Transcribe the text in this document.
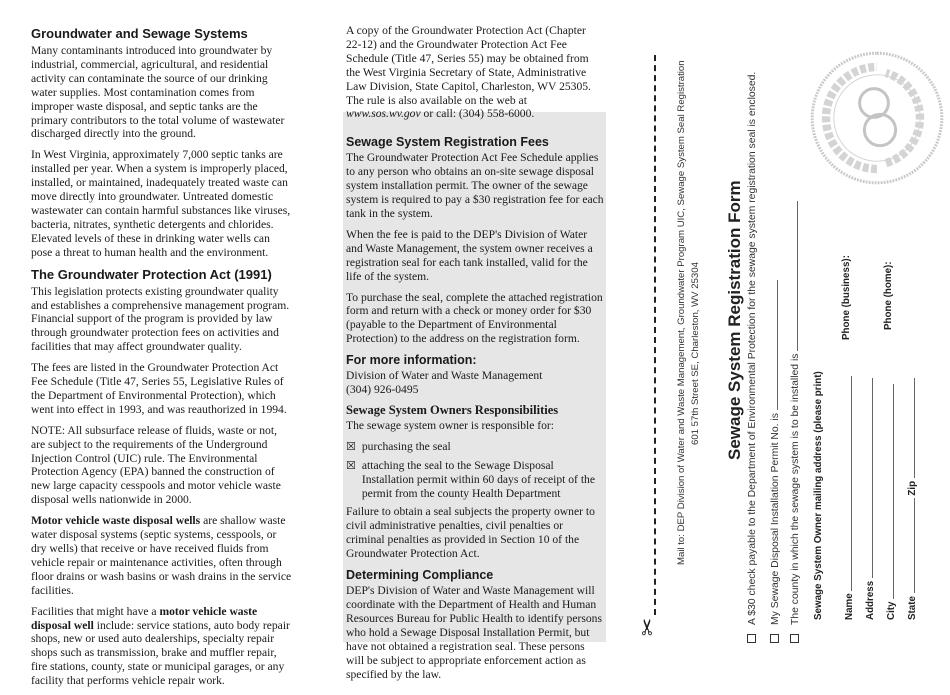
Groundwater and Sewage Systems

Many contaminants introduced into groundwater by industrial, commercial, agricultural, and residential activity can contaminate the source of our drinking water supplies. Most contamination comes from improper waste disposal, and septic tanks are the primary contributors to the total volume of wastewater discharged directly into the ground.

In West Virginia, approximately 7,000 septic tanks are installed per year. When a system is improperly placed, installed, or maintained, inadequately treated waste can move directly into groundwater. Untreated domestic wastewater can contain harmful substances like viruses, bacteria, nitrates, synthetic detergents and chlorides. Elevated levels of these in drinking water wells can pose a threat to human health and the environment.

The Groundwater Protection Act (1991)

This legislation protects existing groundwater quality and establishes a comprehensive management program. Financial support of the program is provided by law through groundwater protection fees on activities and facilities that may affect groundwater quality.

The fees are listed in the Groundwater Protection Act Fee Schedule (Title 47, Series 55, Legislative Rules of the Department of Environmental Protection), which went into effect in 1993, and was reauthorized in 1994.

NOTE: All subsurface release of fluids, waste or not, are subject to the requirements of the Underground Injection Control (UIC) rule. The Environmental Protection Agency (EPA) banned the construction of new large capacity cesspools and motor vehicle waste disposal wells nationwide in 2000.

Motor vehicle waste disposal wells are shallow waste water disposal systems (septic systems, cesspools, or dry wells) that receive or have received fluids from vehicle repair or maintenance activities, often through floor drains or wash basins or wash drains in the service facilities.

Facilities that might have a motor vehicle waste disposal well include: service stations, auto body repair shops, new or used auto dealerships, specialty repair shops such as transmission, brake and muffler repair, fire stations, county, state or municipal garages, or any facility that performs vehicle repair work.

A copy of the Groundwater Protection Act (Chapter 22-12) and the Groundwater Protection Act Fee Schedule (Title 47, Series 55) may be obtained from the West Virginia Secretary of State, Administrative Law Division, State Capitol, Charleston, WV 25305. The rule is also available on the web at www.sos.wv.gov or call: (304) 558-6000.

Sewage System Registration Fees

The Groundwater Protection Act Fee Schedule applies to any person who obtains an on-site sewage disposal system installation permit. The owner of the sewage system is required to pay a $30 registration fee for each tank in the system.

When the fee is paid to the DEP's Division of Water and Waste Management, the system owner receives a registration seal for each tank installed, valid for the life of the system.

To purchase the seal, complete the attached registration form and return with a check or money order for $30 (payable to the Department of Environmental Protection) to the address on the registration form.

For more information:
Division of Water and Waste Management
(304) 926-0495
Sewage System Owners Responsibilities

The sewage system owner is responsible for:

☒ purchasing the seal
☒ attaching the seal to the Sewage Disposal Installation permit within 60 days of receipt of the permit from the county Health Department

Failure to obtain a seal subjects the property owner to civil administrative penalties, civil penalties or criminal penalties as provided in Section 10 of the Groundwater Protection Act.

Determining Compliance

DEP's Division of Water and Waste Management will coordinate with the Department of Health and Human Resources Bureau for Public Health to identify persons who hold a Sewage Disposal Installation Permit, but have not obtained a registration seal. These persons will be subject to appropriate enforcement action as specified by the law.

✂
Mail to: DEP Division of Water and Waste Management, Groundwater Program UIC, Sewage System Seal Registration 601 57th Street SE, Charleston, WV 25304 Sewage System Registration Form A $30 check payable to the Department of Environmental Protection for the sewage system registration seal is enclosed. My Sewage Disposal Installation Permit No. is The county in which the sewage system is to be installed is Sewage System Owner mailing address (please print)	Name	Address	City	State  Zip
Phone (business):	Phone (home):
